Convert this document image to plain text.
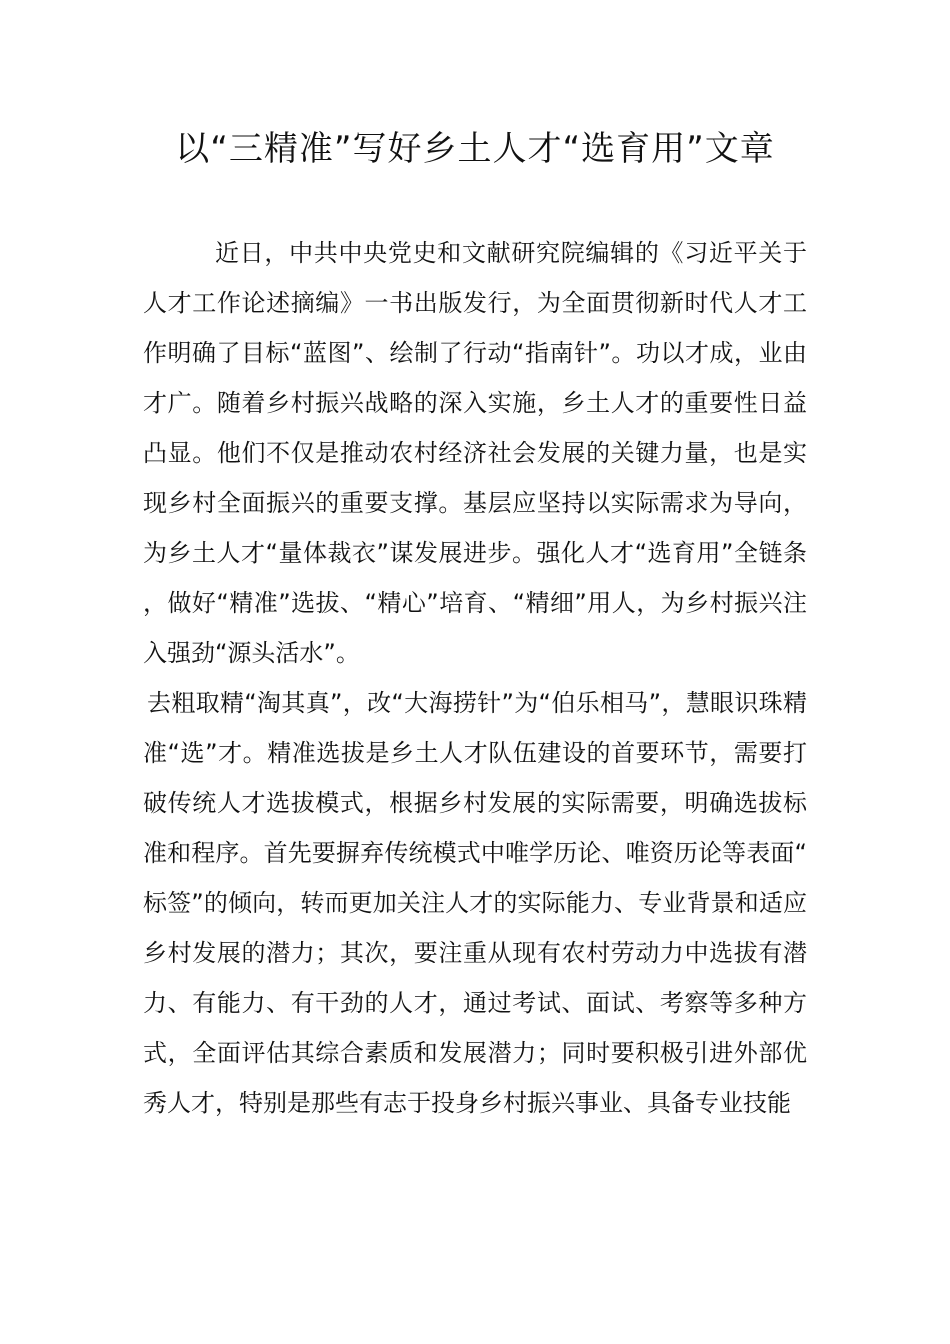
以“三精准”写好乡土人才“选育用”文章

近日，中共中央党史和文献研究院编辑的《习近平关于人才工作论述摘编》一书出版发行，为全面贯彻新时代人才工作明确了目标“蓝图”、绘制了行动“指南针”。功以才成，业由才广。随着乡村振兴战略的深入实施，乡土人才的重要性日益凸显。他们不仅是推动农村经济社会发展的关键力量，也是实现乡村全面振兴的重要支撑。基层应坚持以实际需求为导向，为乡土人才“量体裁衣”谋发展进步。强化人才“选育用”全链条，做好“精准”选拔、“精心”培育、“精细”用人，为乡村振兴注入强劲“源头活水”。

去粗取精“淘其真”，改“大海捞针”为“伯乐相马”，慧眼识珠精准“选”才。精准选拔是乡土人才队伍建设的首要环节，需要打破传统人才选拔模式，根据乡村发展的实际需要，明确选拔标准和程序。首先要摒弃传统模式中唯学历论、唯资历论等表面“标签”的倾向，转而更加关注人才的实际能力、专业背景和适应乡村发展的潜力；其次，要注重从现有农村劳动力中选拔有潜力、有能力、有干劲的人才，通过考试、面试、考察等多种方式，全面评估其综合素质和发展潜力；同时要积极引进外部优秀人才，特别是那些有志于投身乡村振兴事业、具备专业技能
